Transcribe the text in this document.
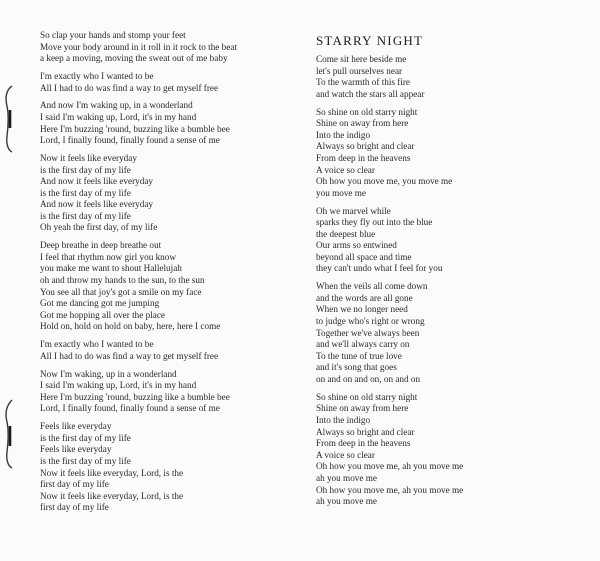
So clap your hands and stomp your feet
Move your body around in it roll in it rock to the beat
a keep a moving, moving the sweat out of me baby
I'm exactly who I wanted to be
All I had to do was find a way to get myself free
And now I'm waking up, in a wonderland
I said I'm waking up, Lord, it's in my hand
Here I'm buzzing 'round, buzzing like a bumble bee
Lord, I finally found, finally found a sense of me
Now it feels like everyday
is the first day of my life
And now it feels like everyday
is the first day of my life
And now it feels like everyday
is the first day of my life
Oh yeah the first day, of my life
Deep breathe in deep breathe out
I feel that rhythm now girl you know
you make me want to shout Hallelujah
oh and throw my hands to the sun, to the sun
You see all that joy's got a smile on my face
Got me dancing got me jumping
Got me hopping all over the place
Hold on, hold on hold on baby, here, here I come
I'm exactly who I wanted to be
All I had to do was find a way to get myself free
Now I'm waking, up in a wonderland
I said I'm waking up, Lord, it's in my hand
Here I'm buzzing 'round, buzzing like a bumble bee
Lord, I finally found, finally found a sense of me
Feels like everyday
is the first day of my life
Feels like everyday
is the first day of my life
Now it feels like everyday, Lord, is the
first day of my life
Now it feels like everyday, Lord, is the
first day of my life
STARRY NIGHT
Come sit here beside me
let's pull ourselves near
To the warmth of this fire
and watch the stars all appear
So shine on old starry night
Shine on away from here
Into the indigo
Always so bright and clear
From deep in the heavens
A voice so clear
Oh how you move me, you move me
you move me
Oh we marvel while
sparks they fly out into the blue
the deepest blue
Our arms so entwined
beyond all space and time
they can't undo what I feel for you
When the veils all come down
and the words are all gone
When we no longer need
to judge who's right or wrong
Together we've always been
and we'll always carry on
To the tune of true love
and it's song that goes
on and on and on, on and on
So shine on old starry night
Shine on away from here
Into the indigo
Always so bright and clear
From deep in the heavens
A voice so clear
Oh how you move me, ah you move me
ah you move me
Oh how you move me, ah you move me
ah you move me
